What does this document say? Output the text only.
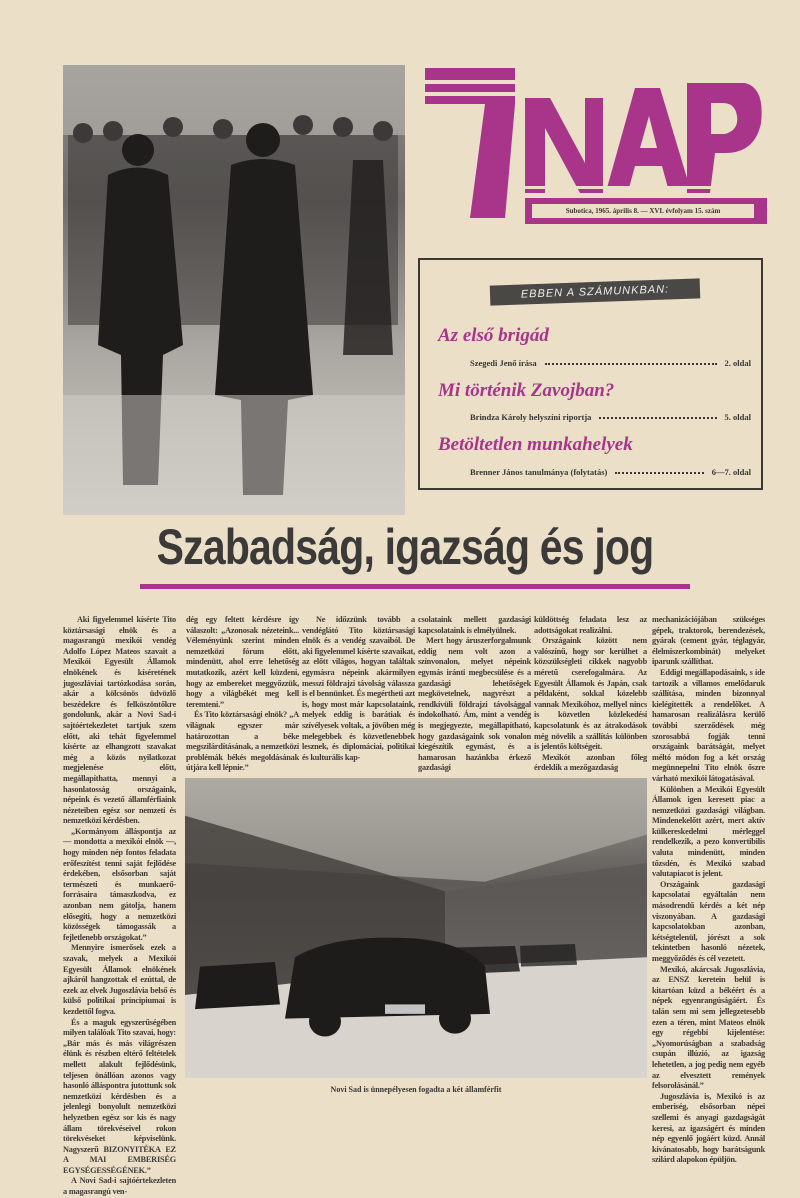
Subotica, 1965. április 8. — XVI. évfolyam 15. szám
EBBEN A SZÁMUNKBAN:
Az első brigád
Szegedi Jenő írása	2. oldal
Mi történik Zavojban?
Brindza Károly helyszíni riportja	5. oldal
Betöltetlen munkahelyek
Brenner János tanulmánya (folytatás)	6—7. oldal
Szabadság, igazság és jog

Aki figyelemmel kísérte Tito köztársasági elnök és a magasrangú mexikói vendég Adolfo López Mateos szavait a Mexikói Egyesült Államok elnökének és kíséretének jugoszláviai tartózkodása során, akár a kölcsönös üdvözlő beszédekre és felköszöntőkre gondolunk, akár a Novi Sad-i sajtóértekezletet tartjuk szem előtt, aki tehát figyelemmel kísérte az elhangzott szavakat még a közös nyilatkozat megjelenése előtt, megállapíthatta, mennyi a hasonlatosság országaink, népeink és vezető államférfiaink nézeteiben egész sor nemzeti és nemzetközi kérdésben.

„Kormányom álláspontja az — mondotta a mexikói elnök —, hogy minden nép fontos feladata erőfeszítést tenni saját fejlődése érdekében, elsősorban saját természeti és munkaerő-forrásaira támaszkodva, ez azonban nem gátolja, hanem elősegíti, hogy a nemzetközi közösségek támogassák a fejletlenebb országokat.”

Mennyire ismerősek ezek a szavak, melyek a Mexikói Egyesült Államok elnökének ajkáról hangzottak el ezúttal, de ezek az elvek Jugoszlávia belső és külső politikai principiumai is kezdettől fogva.

És a maguk egyszerűségében milyen találóak Tito szavai, hogy: „Bár más és más világrészen élünk és részben eltérő feltételek mellett alakult fejlődésünk, teljesen önállóan azonos vagy hasonló álláspontra jutottunk sok nemzetközi kérdésben és a jelenlegi bonyolult nemzetközi helyzetben egész sor kis és nagy állam törekvéseivel rokon törekvéseket képviselünk. Nagyszerű BIZONYITÉKA EZ A MAI EMBERISÉG EGYSÉGESSÉGÉNEK.”

A Novi Sad-i sajtóértekezleten a magasrangú ven-

dég egy feltett kérdésre így válaszolt: „Azonosak nézeteink... Véleményünk szerint minden nemzetközi fórum előtt, mindenütt, ahol erre lehetőség mutatkozik, azért kell küzdeni, hogy az embereket meggyőzzük, hogy a világbékét meg kell teremteni.”

És Tito köztársasági elnök? „A világnak egyszer már határozottan a béke megszilárdításának, a nemzetközi problémák békés megoldásának útjára kell lépnie.”

Ne időzzünk tovább a vendéglátó Tito köztársasági elnök és a vendég szavaiból. De aki figyelemmel kísérte szavaikat, az előtt világos, hogyan találtak egymásra népeink akármilyen messzi földrajzi távolság válassza is el bennünket. És megértheti azt is, hogy most már kapcsolataink, melyek eddig is barátiak és szívélyesek voltak, a jövőben még melegebbek és közvetlenebbek lesznek, és diplomáciai, politikai és kulturális kap-

csolataink mellett gazdasági kapcsolataink is elmélyülnek.

Mert hogy áruszerforgalmunk eddig nem volt azon a színvonalon, melyet népeink egymás iránti megbecsülése és a gazdasági lehetőségek megkövetelnek, nagyrészt a rendkívüli földrajzi távolsággal indokolható. Ám, mint a vendég is megjegyezte, megállapítható, hogy gazdaságaink sok vonalon kiegészítik egymást, és a hamarosan hazánkba érkező gazdasági

küldöttség feladata lesz az adottságokat realizálni.

Országaink között nem valószínű, hogy sor kerülhet a közszükségleti cikkek nagyobb méretű cserefogalmára. Az Egyesült Államok és Japán, csak példaként, sokkal közelebb vannak Mexikóhoz, mellyel nincs is közvetlen közlekedési kapcsolatunk és az átrakodások még növelik a szállítás különben is jelentős költségeit.

Mexikót azonban főleg érdeklik a mezőgazdaság

mechanizációjában szükséges gépek, traktorok, berendezések, gyárak (cement gyár, téglagyár, élelmiszerkombinát) melyeket iparunk szállíthat.

Eddigi megállapodásaink, s ide tartozik a villamos emelődaruk szállítása, minden bizonnyal kielégítették a rendelőket. A hamarosan realizálásra kerülő további szerződések még szorosabbá fogják tenni országaink barátságát, melyet méltó módon fog a két ország megünnepelni Tito elnök őszre várható mexikói látogatásával.

Különben a Mexikói Egyesült Államok igen keresett piac a nemzetközi gazdasági világban. Mindenekelőtt azért, mert aktív külkereskedelmi mérleggel rendelkezik, a pezo konvertibilis valuta mindenütt, minden tőzsdén, és Mexikó szabad valutapiacot is jelent.

Országaink gazdasági kapcsolatai egyáltalán nem másodrendű kérdés a két nép viszonyában. A gazdasági kapcsolatokban azonban, kétségtelenül, jórészt a sok tekintetben hasonló nézetek, meggyőződés és cél vezetett.

Mexikó, akárcsak Jugoszlávia, az ENSZ keretein belül is kitartóan küzd a békéért és a népek egyenrangúságáért. És talán sem mi sem jellegzetesebb ezen a téren, mint Mateos elnök egy régebbi kijelentése: „Nyomorúságban a szabadság csupán illúzió, az igazság lehetetlen, a jog pedig nem egyéb az elvesztett remények felsorolásánál.”

Jugoszlávia is, Mexikó is az emberiség, elsősorban népei szellemi és anyagi gazdagságát keresi, az igazságért és minden nép egyenlő jogáért küzd. Annál kívánatosabb, hogy barátságunk szilárd alapokon épüljön.

Novi Sad is ünnepélyesen fogadta a két államférfit
